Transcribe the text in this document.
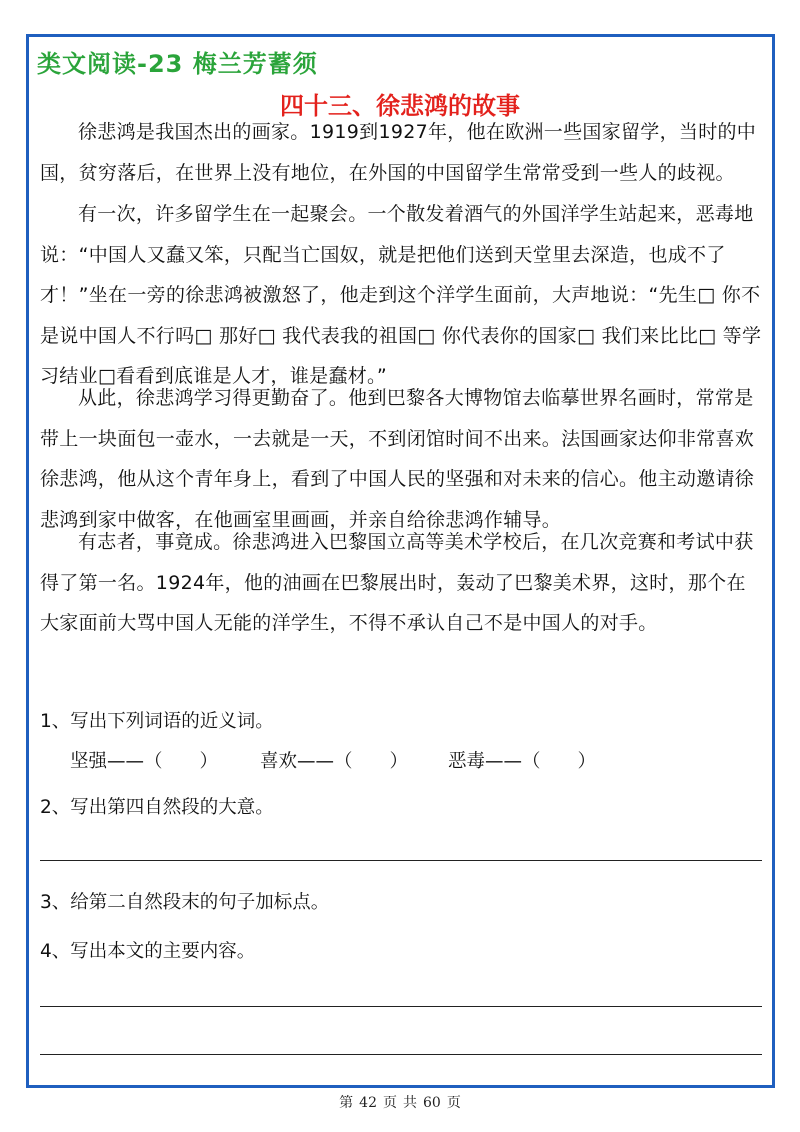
类文阅读-23 梅兰芳蓄须
四十三、徐悲鸿的故事

徐悲鸿是我国杰出的画家。1919到1927年，他在欧洲一些国家留学，当时的中国，贫穷落后，在世界上没有地位，在外国的中国留学生常常受到一些人的歧视。

有一次，许多留学生在一起聚会。一个散发着酒气的外国洋学生站起来，恶毒地说：“中国人又蠢又笨，只配当亡国奴，就是把他们送到天堂里去深造，也成不了才！”坐在一旁的徐悲鸿被激怒了，他走到这个洋学生面前，大声地说：“先生□ 你不是说中国人不行吗□ 那好□ 我代表我的祖国□ 你代表你的国家□ 我们来比比□ 等学习结业□看看到底谁是人才，谁是蠢材。”

从此，徐悲鸿学习得更勤奋了。他到巴黎各大博物馆去临摹世界名画时，常常是带上一块面包一壶水，一去就是一天，不到闭馆时间不出来。法国画家达仰非常喜欢徐悲鸿，他从这个青年身上，看到了中国人民的坚强和对未来的信心。他主动邀请徐悲鸿到家中做客，在他画室里画画，并亲自给徐悲鸿作辅导。

有志者，事竟成。徐悲鸿进入巴黎国立高等美术学校后，在几次竞赛和考试中获得了第一名。1924年，他的油画在巴黎展出时，轰动了巴黎美术界，这时，那个在大家面前大骂中国人无能的洋学生，不得不承认自己不是中国人的对手。

1、写出下列词语的近义词。
坚强——（　　） 喜欢——（　　） 恶毒——（　　）
2、写出第四自然段的大意。
3、给第二自然段末的句子加标点。
4、写出本文的主要内容。
第 42 页 共 60 页
